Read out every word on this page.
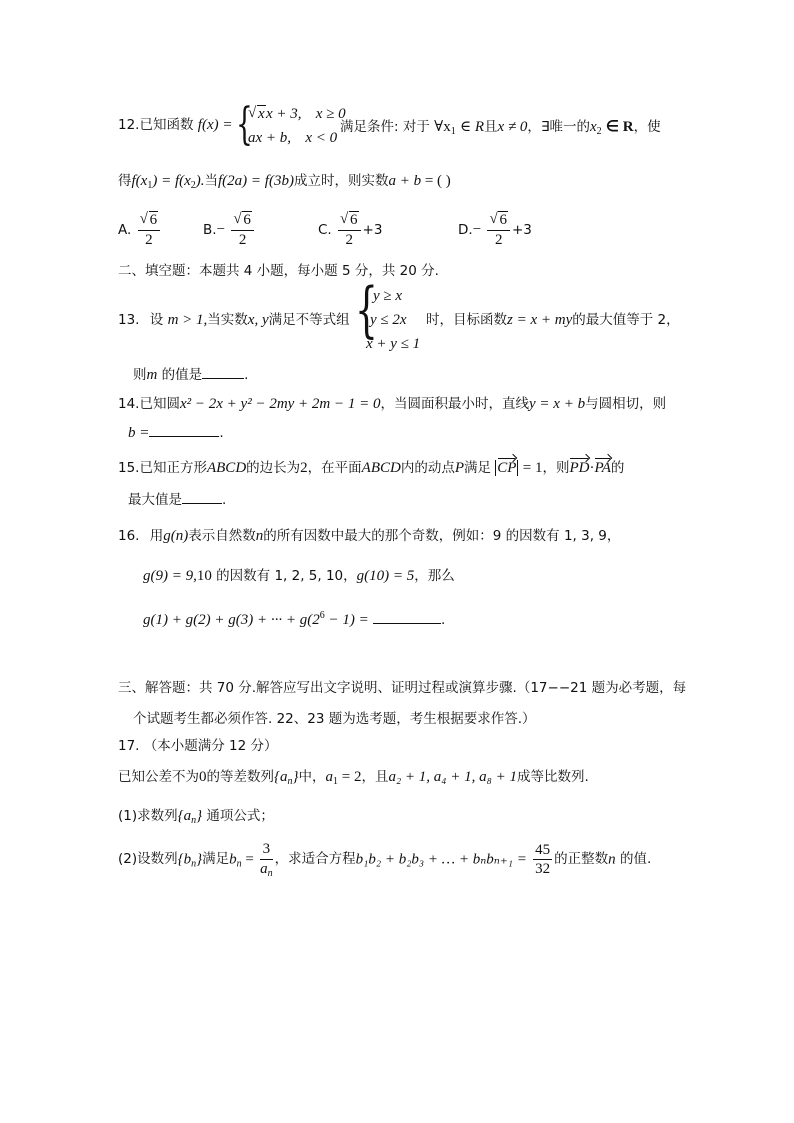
12.已知函数 f(x) = { √ x x + 3, x ≥ 0
ax + b, x < 0
满足条件: 对于 $\forall x_1$ ∈ R且x ≠ 0，∃唯一的$x_2$ ∈ R，使
得$f(x_1) = f(x_2)$.当f(2a) = f(3b)成立时，则实数a + b = ( )
A. √ $\frac{6}{2}$	B.− √ $\frac{6}{2}$	C. √ $\frac{6}{2} +3$	D.− √ $\frac{6}{2} +3$
二、填空题：本题共 4 小题，每小题 5 分，共 20 分.
13. 设 m > 1,当实数x, y满足不等式组 {
y ≥ x
y ≤ 2x
x + y ≤ 1
时，目标函数z = x + my的最大值等于 2，
则m 的值是	.
14.已知圆x² − 2x + y² − 2my + 2m − 1 = 0，当圆面积最小时，直线y = x + b与圆相切，则
b =	.
15.已知正方形ABCD的边长为2，在平面ABCD内的动点P满足 CP = 1，则PD·PA的
最大值是	.
16. 用g(n)表示自然数n的所有因数中最大的那个奇数，例如：9 的因数有 1, 3, 9，
g(9) = 9,10 的因数有 1, 2, 5, 10，g(10) = 5，那么
g(1) + g(2) + g(3) + ··· + $g(2^6 - 1)$ =	.
三、解答题：共 70 分.解答应写出文字说明、证明过程或演算步骤.（17−−21 题为必考题，每
个试题考生都必须作答. 22、23 题为选考题，考生根据要求作答.）
17. （本小题满分 12 分）
已知公差不为0的等差数列$\{a_n\}$中，$a_1 = 2$，且a₂ + 1, a₄ + 1, a₈ + 1成等比数列.
(1)求数列$\{a_n\}$ 通项公式；
(2)设数列$\{b_n\}$满足$b_n = \frac{3}{a_n}$ ，求适合方程b₁b₂ + b₂b₃ + … + $b_nb_{n+1} = \frac{45}{32}$ 的正整数n 的值.
